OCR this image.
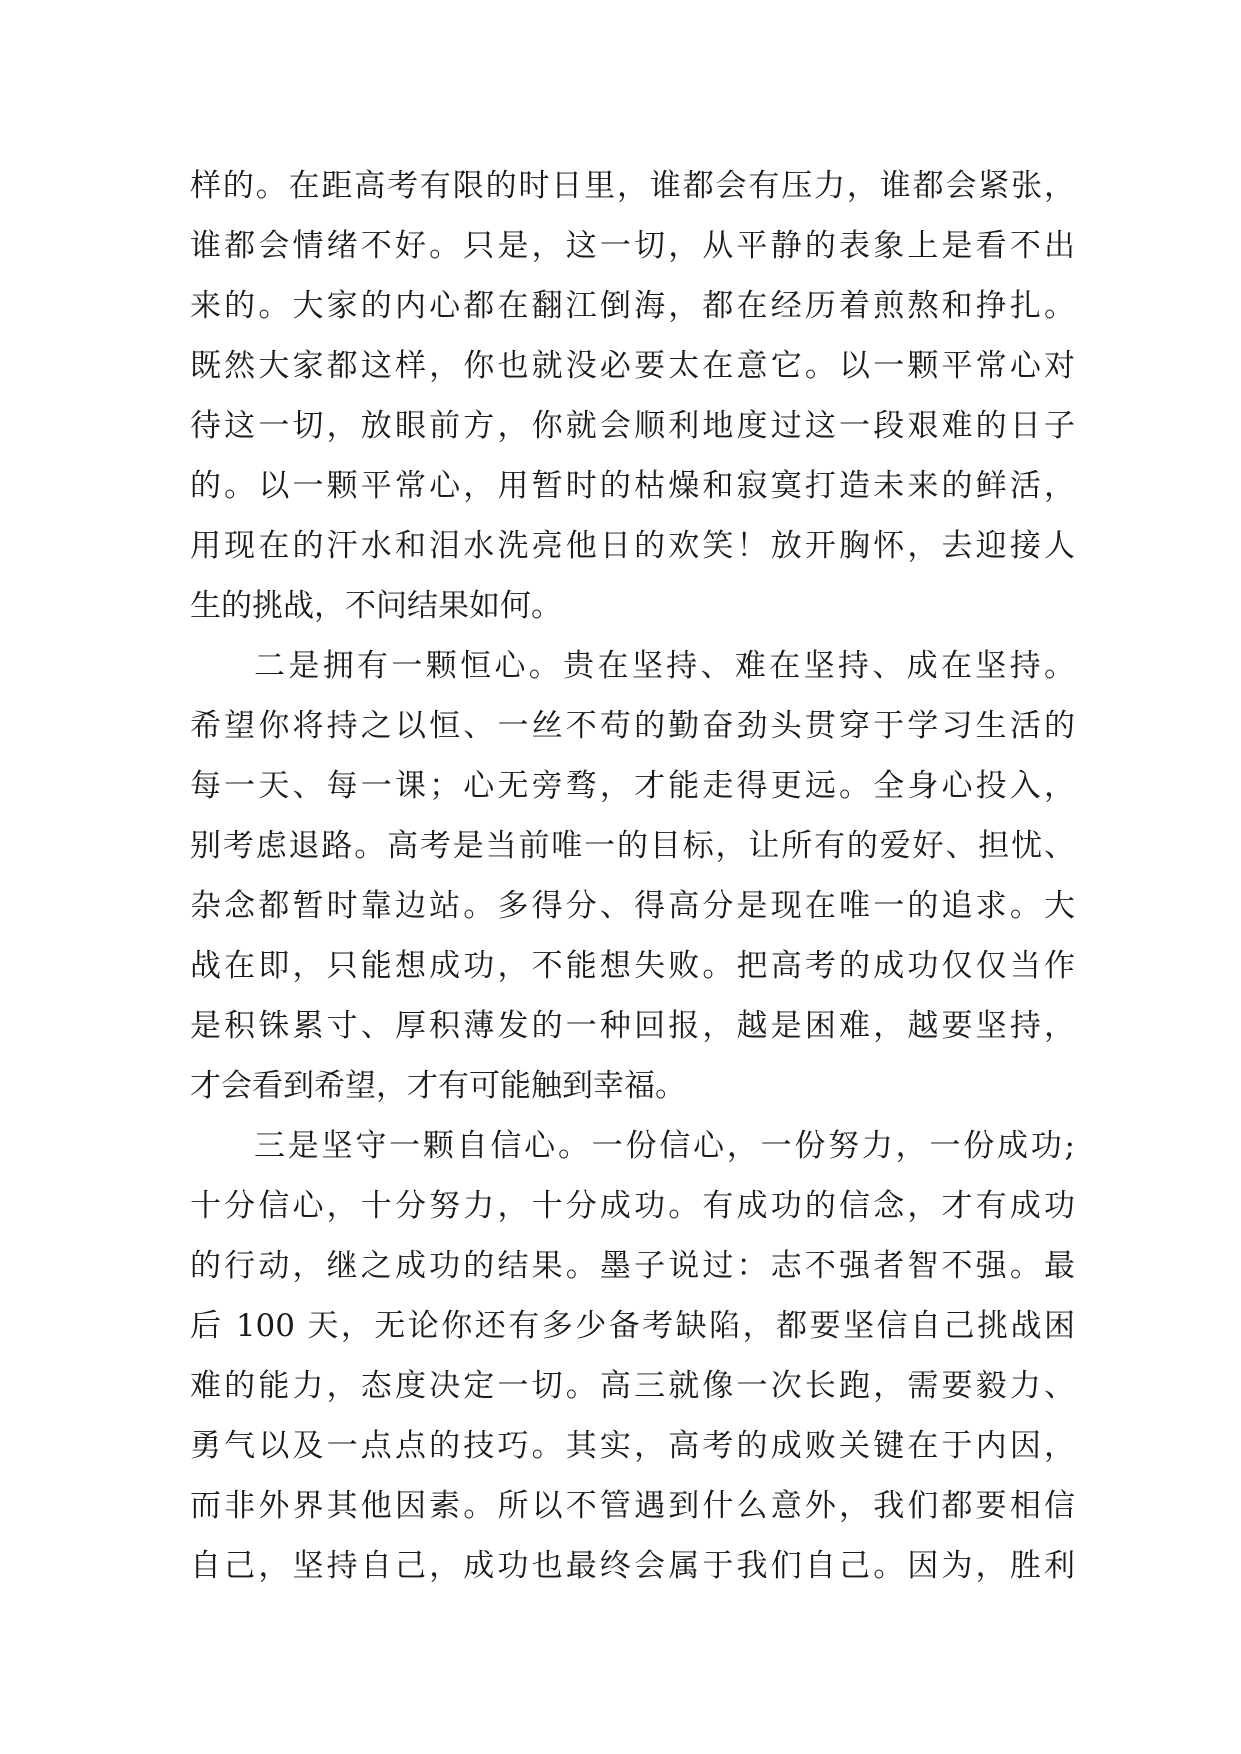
样的。在距高考有限的时日里，谁都会有压力，谁都会紧张，
谁都会情绪不好。只是，这一切，从平静的表象上是看不出
来的。大家的内心都在翻江倒海，都在经历着煎熬和挣扎。
既然大家都这样，你也就没必要太在意它。以一颗平常心对
待这一切，放眼前方，你就会顺利地度过这一段艰难的日子
的。以一颗平常心，用暂时的枯燥和寂寞打造未来的鲜活，
用现在的汗水和泪水洗亮他日的欢笑！放开胸怀，去迎接人
生的挑战，不问结果如何。
二是拥有一颗恒心。贵在坚持、难在坚持、成在坚持。
希望你将持之以恒、一丝不苟的勤奋劲头贯穿于学习生活的
每一天、每一课；心无旁骛，才能走得更远。全身心投入，
别考虑退路。高考是当前唯一的目标，让所有的爱好、担忧、
杂念都暂时靠边站。多得分、得高分是现在唯一的追求。大
战在即，只能想成功，不能想失败。把高考的成功仅仅当作
是积铢累寸、厚积薄发的一种回报，越是困难，越要坚持，
才会看到希望，才有可能触到幸福。
三是坚守一颗自信心。一份信心，一份努力，一份成功;
十分信心，十分努力，十分成功。有成功的信念，才有成功
的行动，继之成功的结果。墨子说过：志不强者智不强。最
后 100 天，无论你还有多少备考缺陷，都要坚信自己挑战困
难的能力，态度决定一切。高三就像一次长跑，需要毅力、
勇气以及一点点的技巧。其实，高考的成败关键在于内因，
而非外界其他因素。所以不管遇到什么意外，我们都要相信
自己，坚持自己，成功也最终会属于我们自己。因为，胜利
